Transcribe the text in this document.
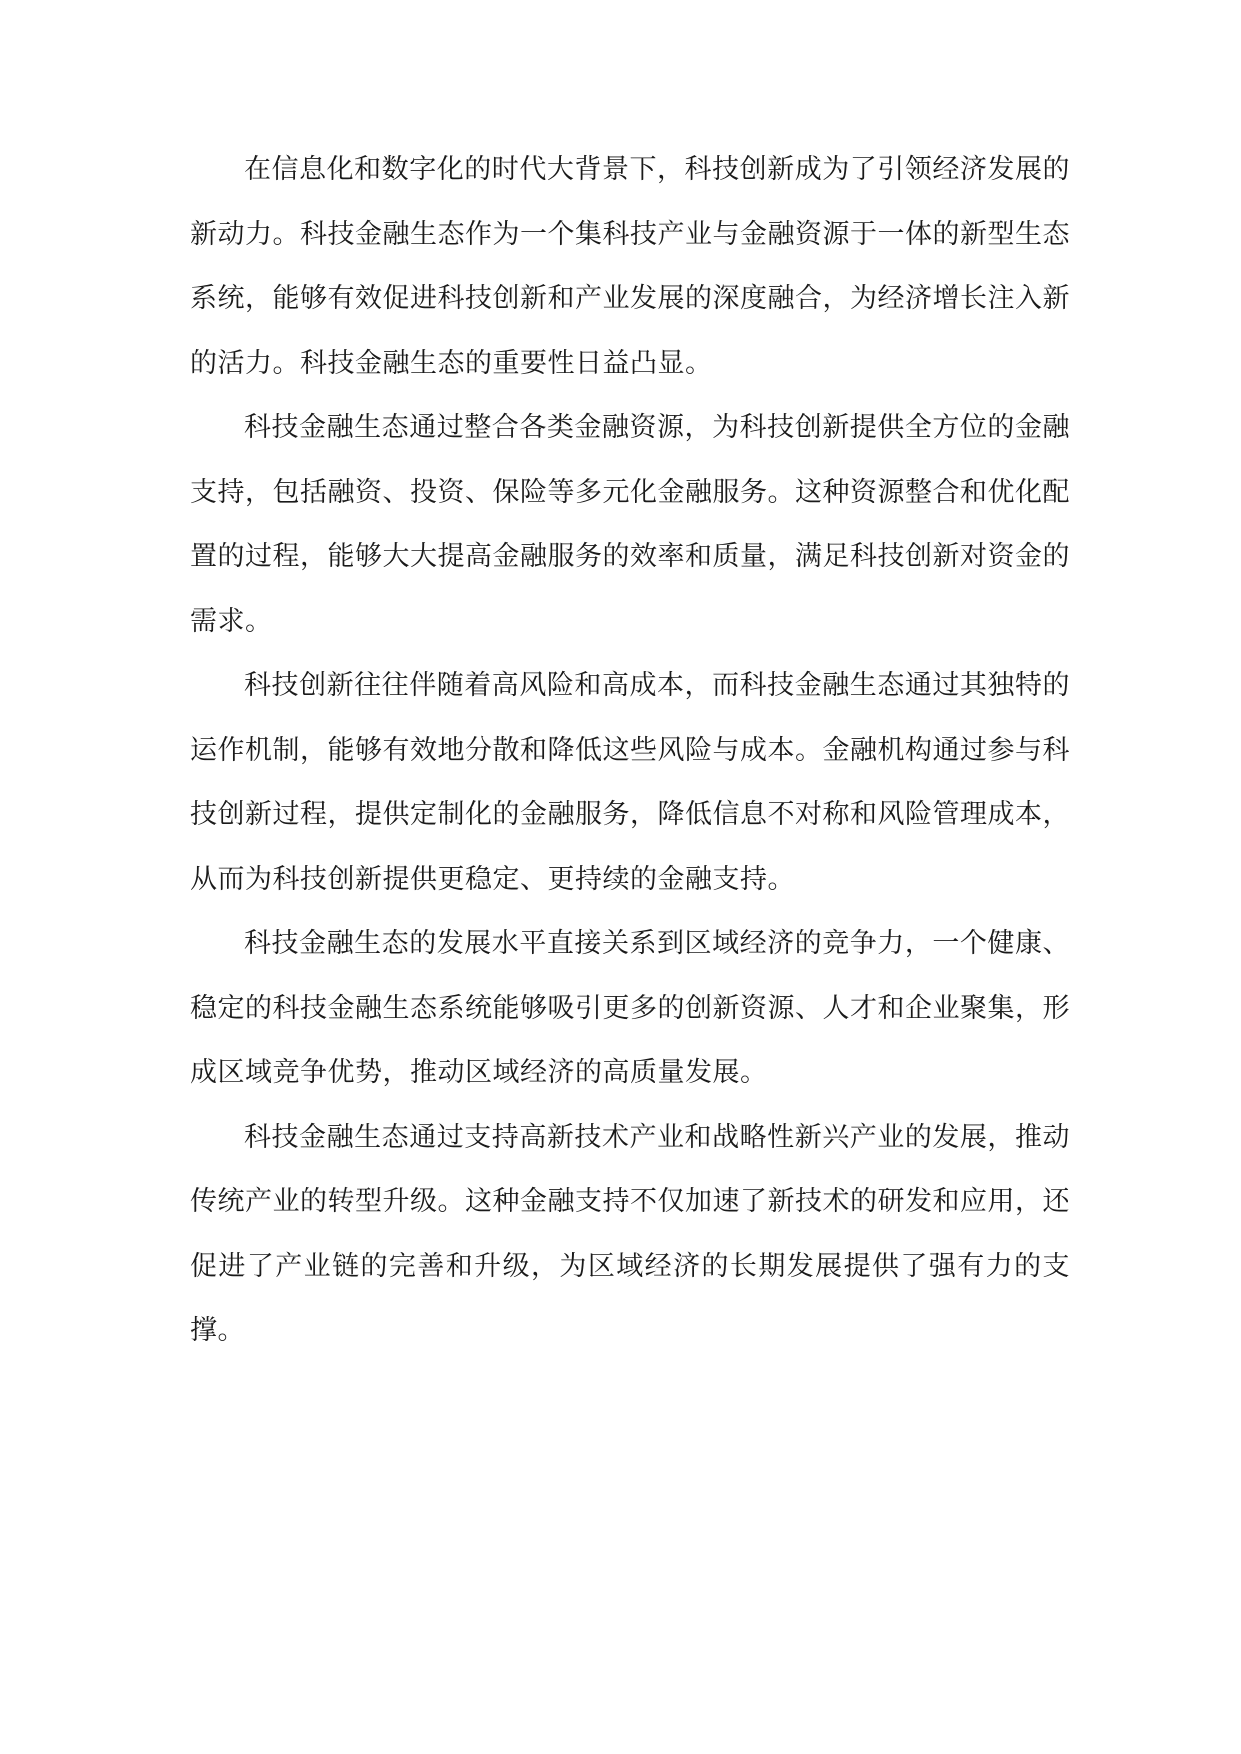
在信息化和数字化的时代大背景下，科技创新成为了引领经济发展的新动力。科技金融生态作为一个集科技产业与金融资源于一体的新型生态系统，能够有效促进科技创新和产业发展的深度融合，为经济增长注入新的活力。科技金融生态的重要性日益凸显。

科技金融生态通过整合各类金融资源，为科技创新提供全方位的金融支持，包括融资、投资、保险等多元化金融服务。这种资源整合和优化配置的过程，能够大大提高金融服务的效率和质量，满足科技创新对资金的需求。

科技创新往往伴随着高风险和高成本，而科技金融生态通过其独特的运作机制，能够有效地分散和降低这些风险与成本。金融机构通过参与科技创新过程，提供定制化的金融服务，降低信息不对称和风险管理成本，从而为科技创新提供更稳定、更持续的金融支持。

科技金融生态的发展水平直接关系到区域经济的竞争力，一个健康、稳定的科技金融生态系统能够吸引更多的创新资源、人才和企业聚集，形成区域竞争优势，推动区域经济的高质量发展。

科技金融生态通过支持高新技术产业和战略性新兴产业的发展，推动传统产业的转型升级。这种金融支持不仅加速了新技术的研发和应用，还促进了产业链的完善和升级，为区域经济的长期发展提供了强有力的支撑。
